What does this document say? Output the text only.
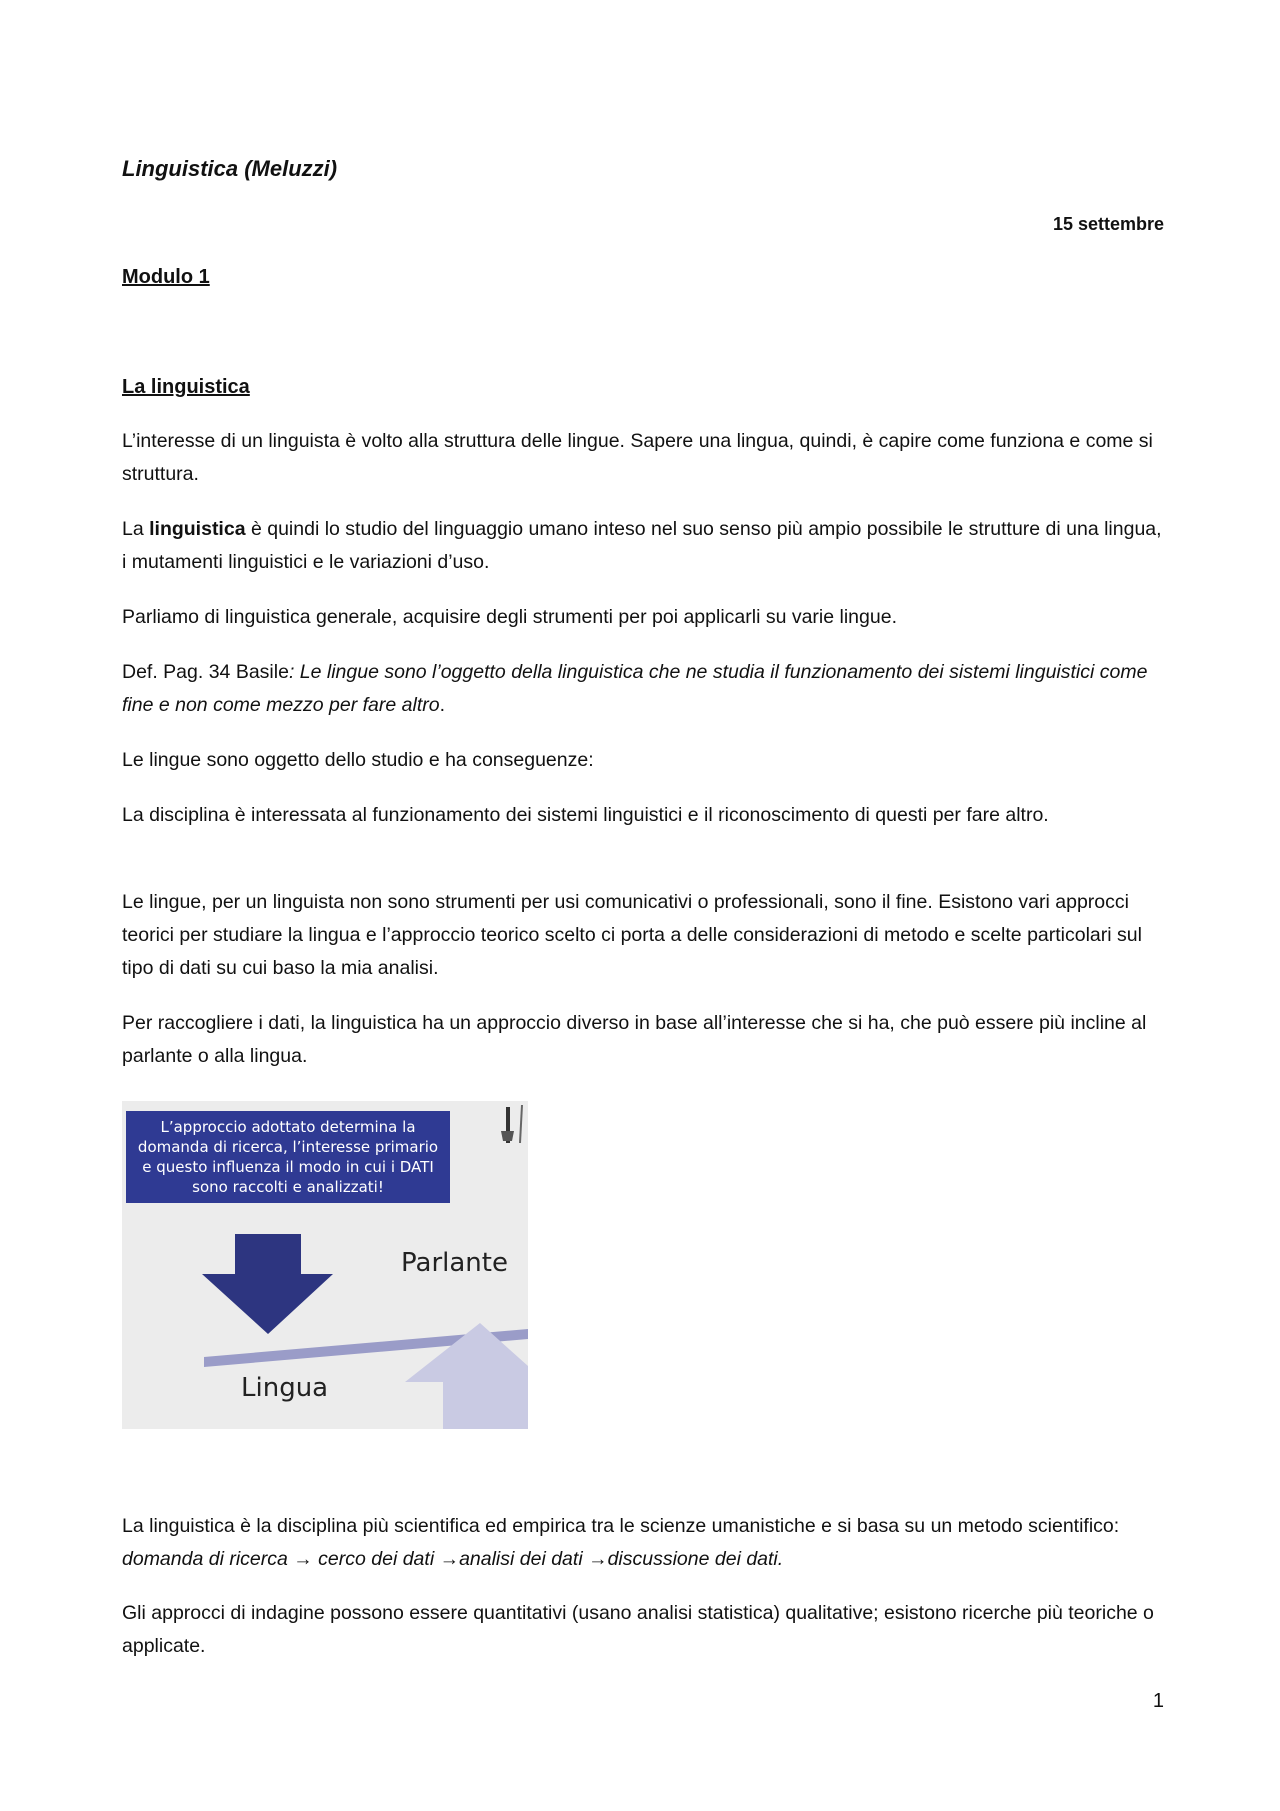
Linguistica (Meluzzi)
15 settembre
Modulo 1
La linguistica

L’interesse di un linguista è volto alla struttura delle lingue. Sapere una lingua, quindi, è capire come funziona e come si struttura.

La linguistica è quindi lo studio del linguaggio umano inteso nel suo senso più ampio possibile le strutture di una lingua, i mutamenti linguistici e le variazioni d’uso.

Parliamo di linguistica generale, acquisire degli strumenti per poi applicarli su varie lingue.

Def. Pag. 34 Basile: Le lingue sono l’oggetto della linguistica che ne studia il funzionamento dei sistemi linguistici come fine e non come mezzo per fare altro.

Le lingue sono oggetto dello studio e ha conseguenze:

La disciplina è interessata al funzionamento dei sistemi linguistici e il riconoscimento di questi per fare altro.

Le lingue, per un linguista non sono strumenti per usi comunicativi o professionali, sono il fine. Esistono vari approcci teorici per studiare la lingua e l’approccio teorico scelto ci porta a delle considerazioni di metodo e scelte particolari sul tipo di dati su cui baso la mia analisi.

Per raccogliere i dati, la linguistica ha un approccio diverso in base all’interesse che si ha, che può essere più incline al parlante o alla lingua.

L’approccio adottato determina la domanda di ricerca, l’interesse primario e questo influenza il modo in cui i DATI sono raccolti e analizzati!
Parlante
Lingua

La linguistica è la disciplina più scientifica ed empirica tra le scienze umanistiche e si basa su un metodo scientifico: domanda di ricerca → cerco dei dati →analisi dei dati →discussione dei dati.

Gli approcci di indagine possono essere quantitativi (usano analisi statistica) qualitative; esistono ricerche più teoriche o applicate.

1
